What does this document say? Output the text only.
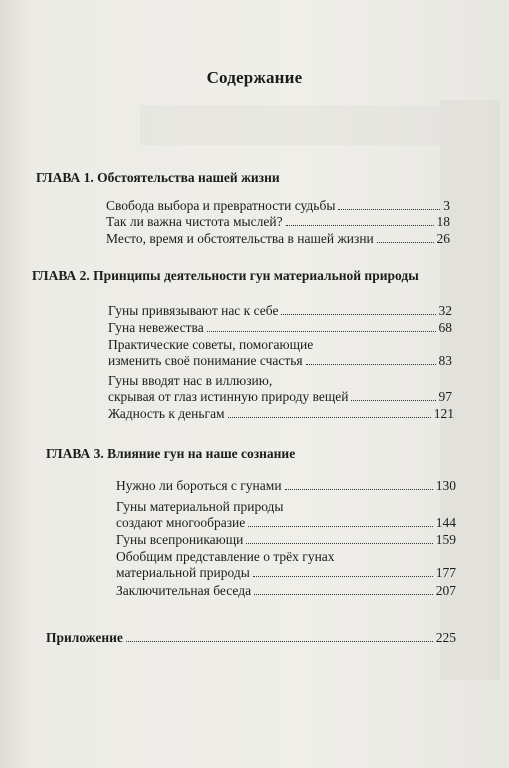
Содержание
ГЛАВА 1. Обстоятельства нашей жизни
Свобода выбора и превратности судьбы	3
Так ли важна чистота мыслей?	18
Место, время и обстоятельства в нашей жизни	26
ГЛАВА 2. Принципы деятельности гун материальной природы
Гуны привязывают нас к себе	32
Гуна невежества	68
Практические советы, помогающие
изменить своё понимание счастья	83
Гуны вводят нас в иллюзию,
скрывая от глаз истинную природу вещей	97
Жадность к деньгам	121
ГЛАВА 3. Влияние гун на наше сознание
Нужно ли бороться с гунами	130
Гуны материальной природы
создают многообразие	144
Гуны всепроникающи	159
Обобщим представление о трёх гунах
материальной природы	177
Заключительная беседа	207
Приложение	225
